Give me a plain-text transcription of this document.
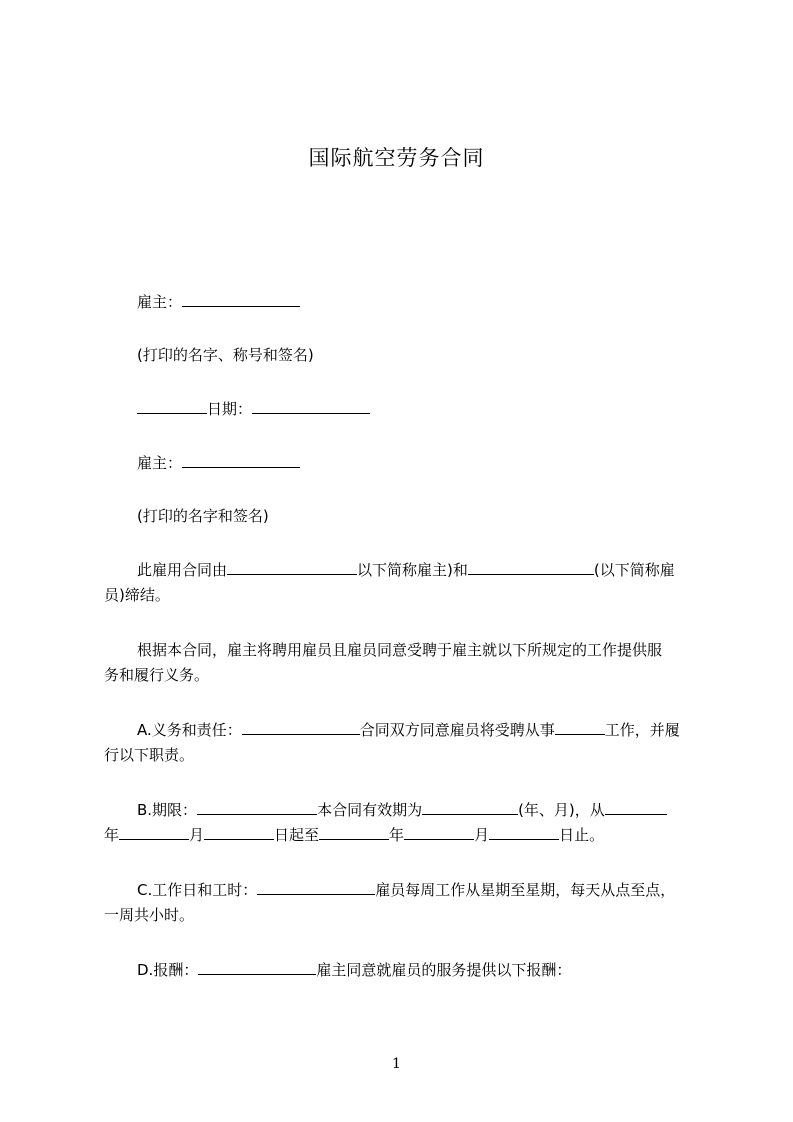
国际航空劳务合同
雇主：
(打印的名字、称号和签名)
日期：
雇主：
(打印的名字和签名)
此雇用合同由	以下简称雇主)和	(以下简称雇
员)缔结。
根据本合同，雇主将聘用雇员且雇员同意受聘于雇主就以下所规定的工作提供服
务和履行义务。
A.义务和责任：	合同双方同意雇员将受聘从事	工作，并履
行以下职责。
B.期限：	本合同有效期为	(年、月)，从
年	月	日起至	年	月	日止。
C.工作日和工时：	雇员每周工作从星期至星期，每天从点至点，
一周共小时。
D.报酬：	雇主同意就雇员的服务提供以下报酬：
1
